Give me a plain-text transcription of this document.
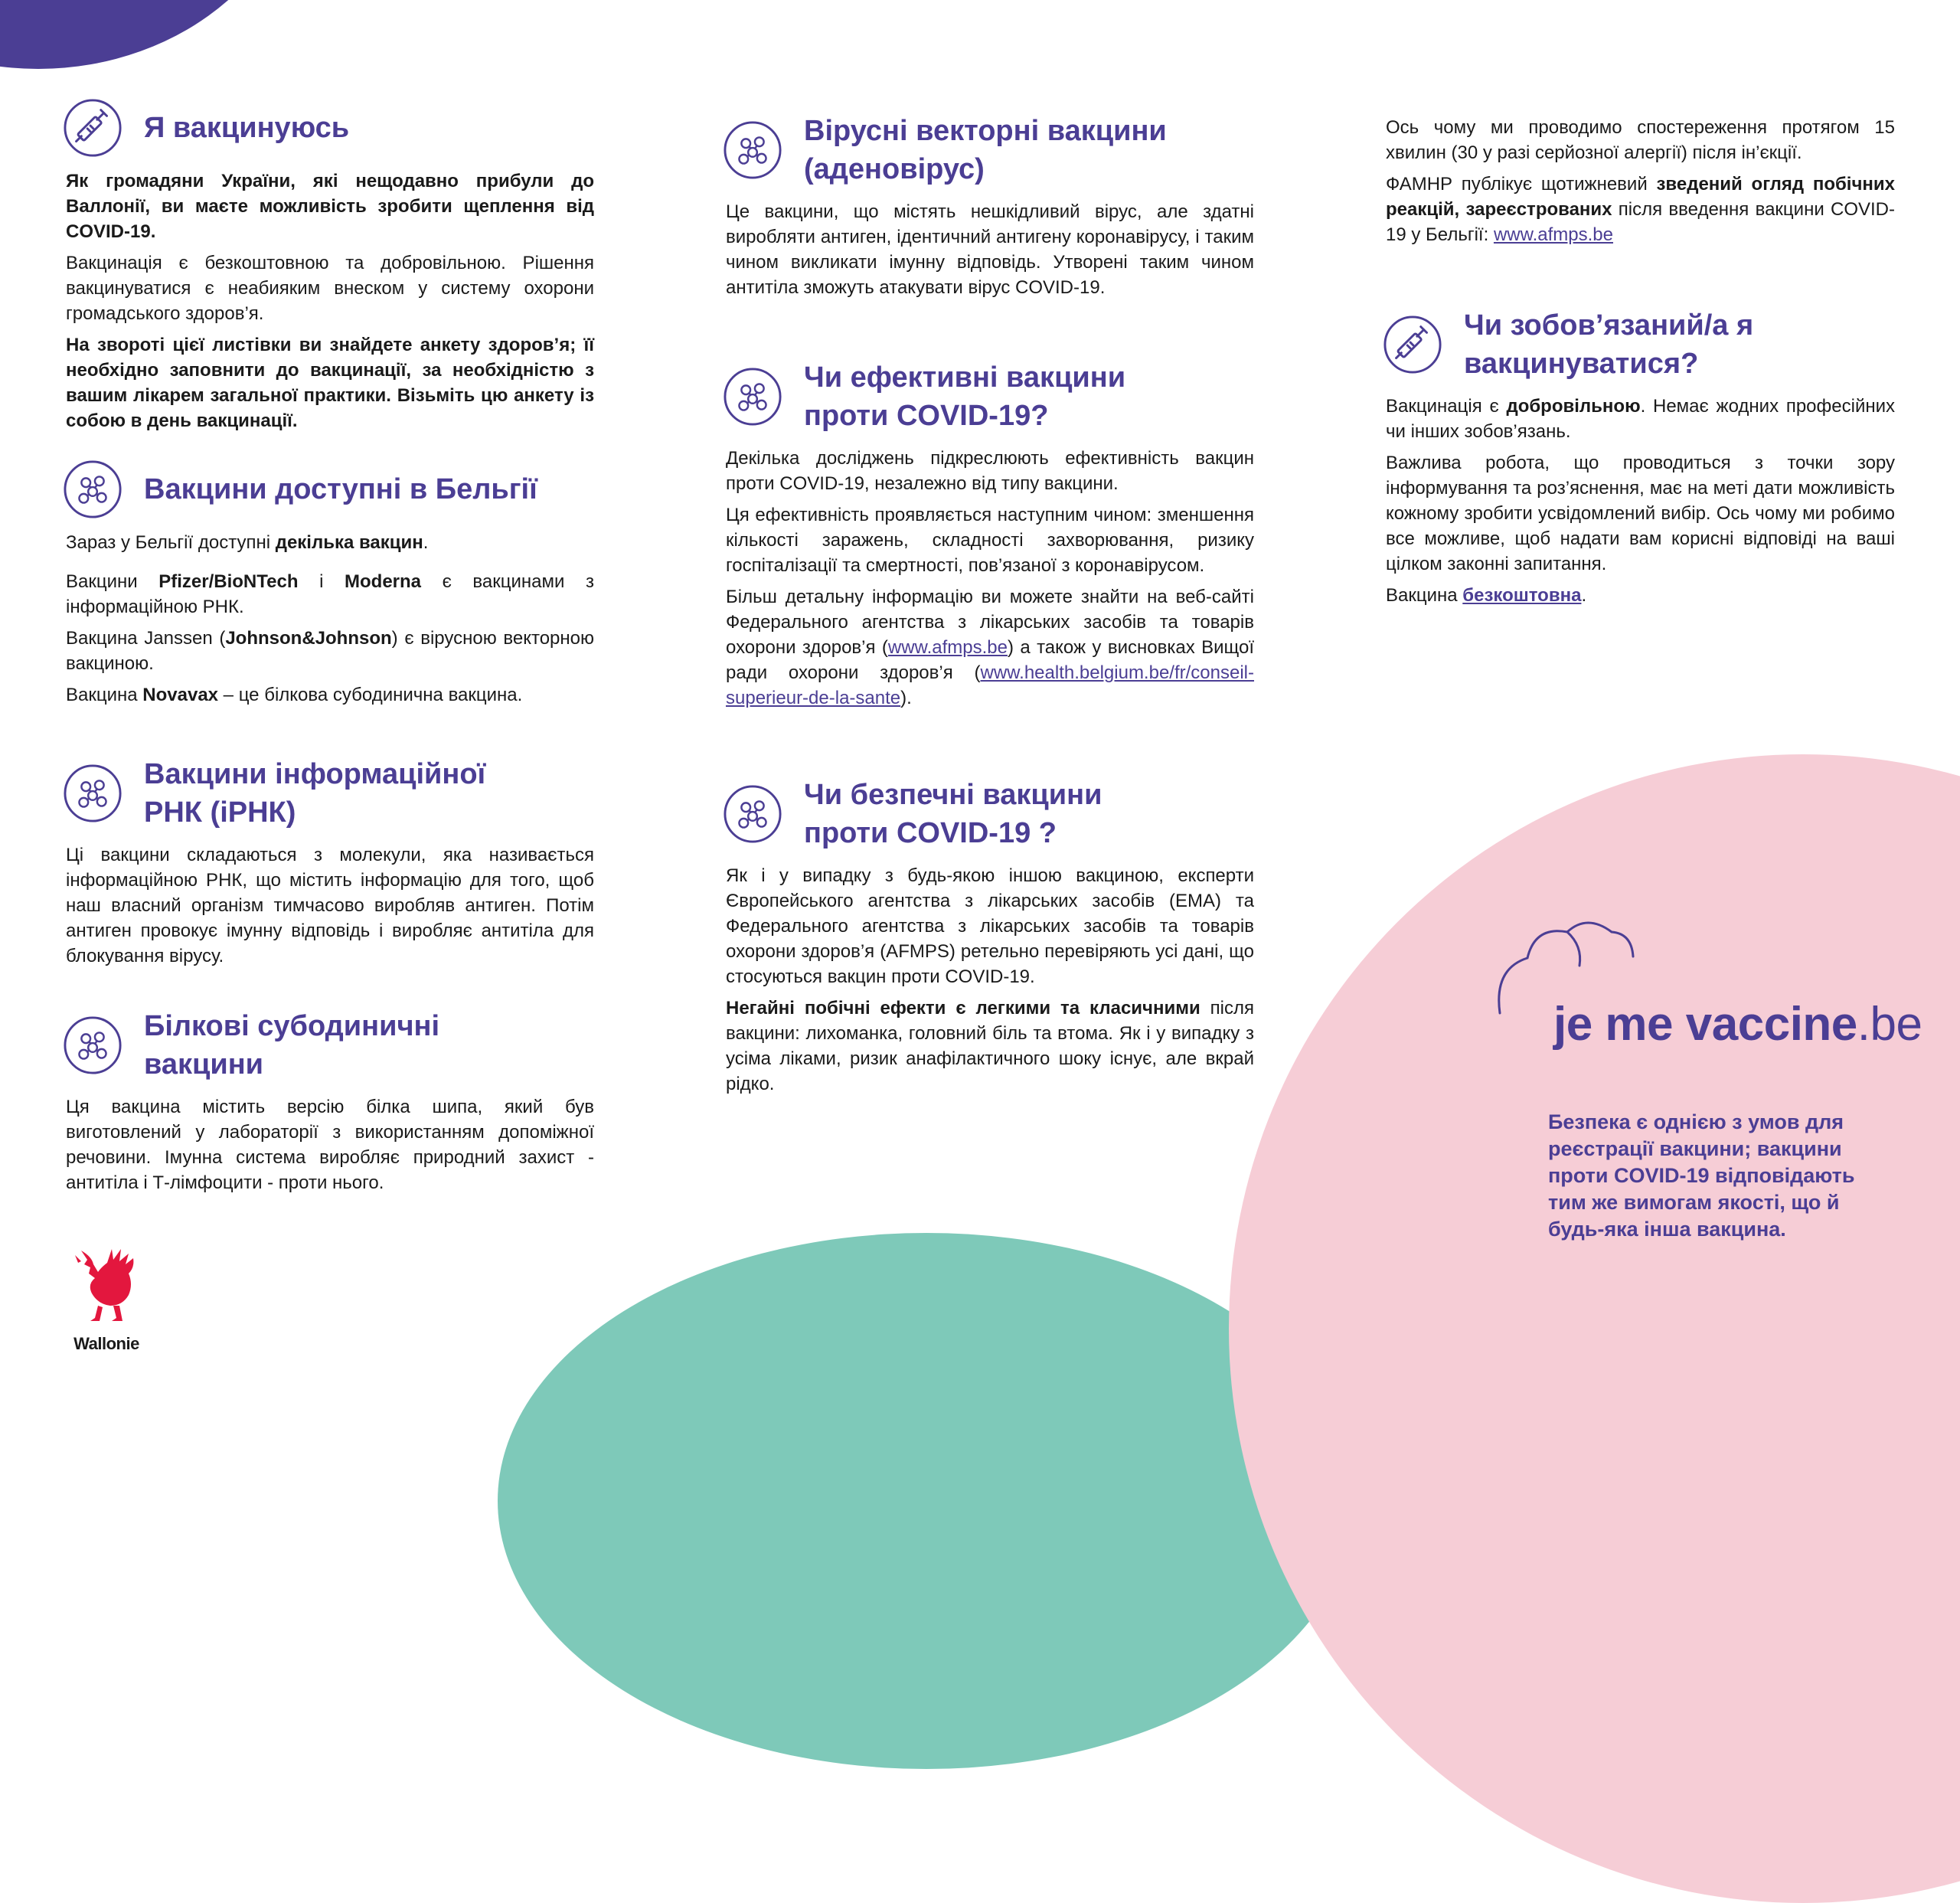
Я вакцинуюсь

Як громадяни України, які нещодавно прибули до Валлонії, ви маєте можливість зробити щеплення від COVID-19.

Вакцинація є безкоштовною та добровільною. Рішення вакцинуватися є неабияким внеском у систему охорони громадського здоров’я.

На звороті цієї листівки ви знайдете анкету здоров’я; її необхідно заповнити до вакцинації, за необхідністю з вашим лікарем загальної практики. Візьміть цю анкету із собою в день вакцинації.

Вакцини доступні в Бельгії

Зараз у Бельгії доступні декілька вакцин.

Вакцини Pfizer/BioNTech і Moderna є вакцинами з інформаційною РНК.

Вакцина Janssen (Johnson&Johnson) є вірусною векторною вакциною.

Вакцина Novavax – це білкова субодинична вакцина.

Вакцини інформаційної
РНК (іРНК)

Ці вакцини складаються з молекули, яка називається інформаційною РНК, що містить інформацію для того, щоб наш власний організм тимчасово виробляв антиген. Потім антиген провокує імунну відповідь і виробляє антитіла для блокування вірусу.

Білкові субодиничні
вакцини

Ця вакцина містить версію білка шипа, який був виготовлений у лабораторії з використанням допоміжної речовини. Імунна система виробляє природний захист - антитіла і Т-лімфоцити - проти нього.

Wallonie

Вірусні векторні вакцини
(аденовірус)

Це вакцини, що містять нешкідливий вірус, але здатні виробляти антиген, ідентичний антигену коронавірусу, і таким чином викликати імунну відповідь. Утворені таким чином антитіла зможуть атакувати вірус COVID-19.

Чи ефективні вакцини
проти COVID-19?

Декілька досліджень підкреслюють ефективність вакцин проти COVID-19, незалежно від типу вакцини.

Ця ефективність проявляється наступним чином: зменшення кількості заражень, складності захворювання, ризику госпіталізації та смертності, пов’язаної з коронавірусом.

Більш детальну інформацію ви можете знайти на веб-сайті Федерального агентства з лікарських засобів та товарів охорони здоров’я (www.afmps.be) а також у висновках Вищої ради охорони здоров’я (www.health.belgium.be/fr/conseil-superieur-de-la-sante).

Чи безпечні вакцини
проти COVID-19 ?

Як і у випадку з будь-якою іншою вакциною, експерти Європейського агентства з лікарських засобів (EMA) та Федерального агентства з лікарських засобів та товарів охорони здоров’я (AFMPS) ретельно перевіряють усі дані, що стосуються вакцин проти COVID-19.

Негайні побічні ефекти є легкими та класичними після вакцини: лихоманка, головний біль та втома. Як і у випадку з усіма ліками, ризик анафілактичного шоку існує, але вкрай рідко.

Ось чому ми проводимо спостереження протягом 15 хвилин (30 у разі серйозної алергії) після ін’єкції.

ФАМНР публікує щотижневий зведений огляд побічних реакцій, зареєстрованих після введення вакцини COVID-19 у Бельгії: www.afmps.be

Чи зобов’язаний/а я
вакцинуватися?

Вакцинація є добровільною. Немає жодних професійних чи інших зобов’язань.

Важлива робота, що проводиться з точки зору інформування та роз’яснення, має на меті дати можливість кожному зробити усвідомлений вибір. Ось чому ми робимо все можливе, щоб надати вам корисні відповіді на ваші цілком законні запитання.

Вакцина безкоштовна.

je me vaccine.be

Безпека є однією з умов для реєстрації вакцини; вакцини проти COVID-19 відповідають тим же вимогам якості, що й будь-яка інша вакцина.
